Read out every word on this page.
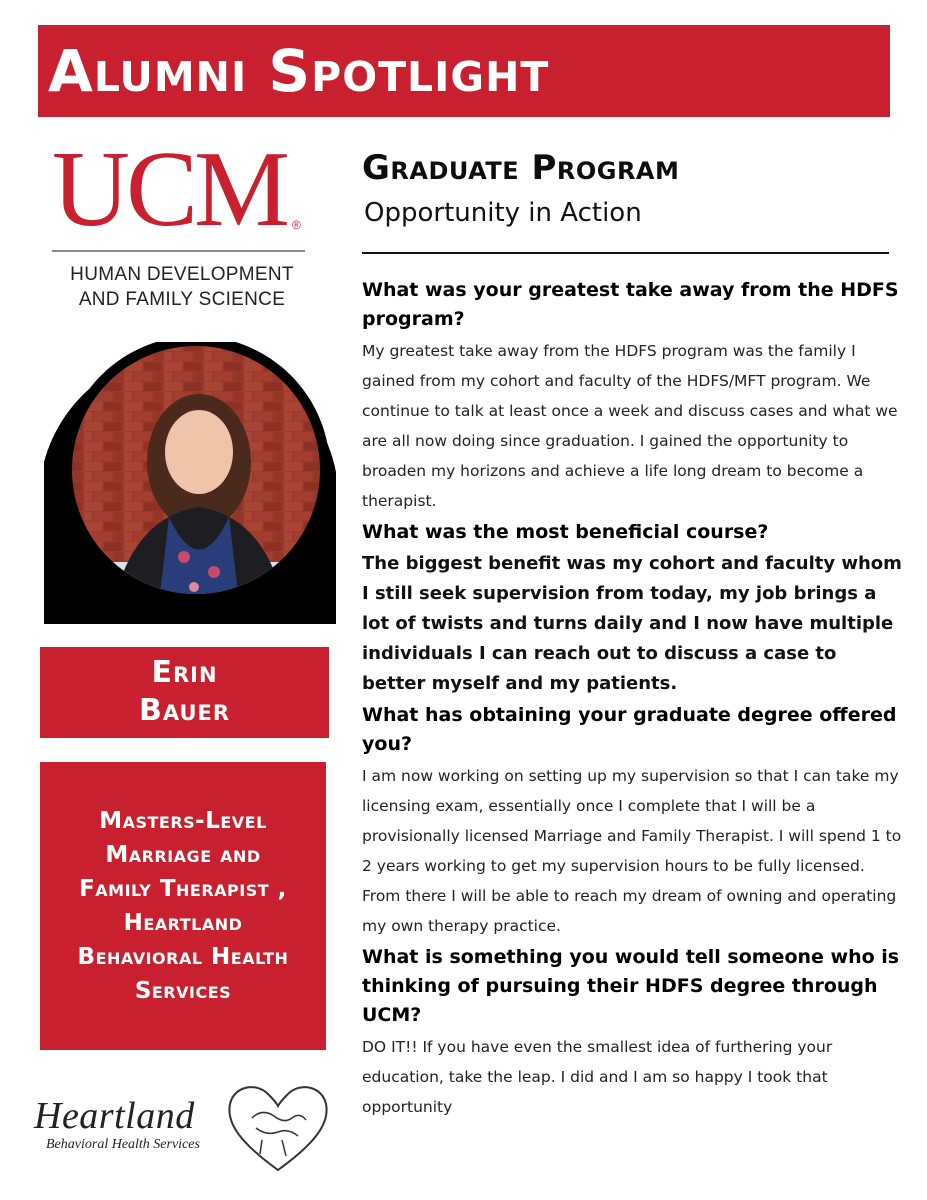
Alumni Spotlight
UCM ®
HUMAN DEVELOPMENT AND FAMILY SCIENCE
Erin
Bauer
Masters-Level
Marriage and
Family Therapist ,
Heartland
Behavioral Health
Services
Heartland
Behavioral Health Services
Graduate Program
Opportunity in Action

What was your greatest take away from the HDFS program?

My greatest take away from the HDFS program was the family I gained from my cohort and faculty of the HDFS/MFT program. We continue to talk at least once a week and discuss cases and what we are all now doing since graduation. I gained the opportunity to broaden my horizons and achieve a life long dream to become a therapist.

What was the most beneficial course?

The biggest benefit was my cohort and faculty whom I still seek supervision from today, my job brings a lot of twists and turns daily and I now have multiple individuals I can reach out to discuss a case to better myself and my patients.

What has obtaining your graduate degree offered you?

I am now working on setting up my supervision so that I can take my licensing exam, essentially once I complete that I will be a provisionally licensed Marriage and Family Therapist. I will spend 1 to 2 years working to get my supervision hours to be fully licensed. From there I will be able to reach my dream of owning and operating my own therapy practice.

What is something you would tell someone who is thinking of pursuing their HDFS degree through UCM?

DO IT!! If you have even the smallest idea of furthering your education, take the leap. I did and I am so happy I took that opportunity
